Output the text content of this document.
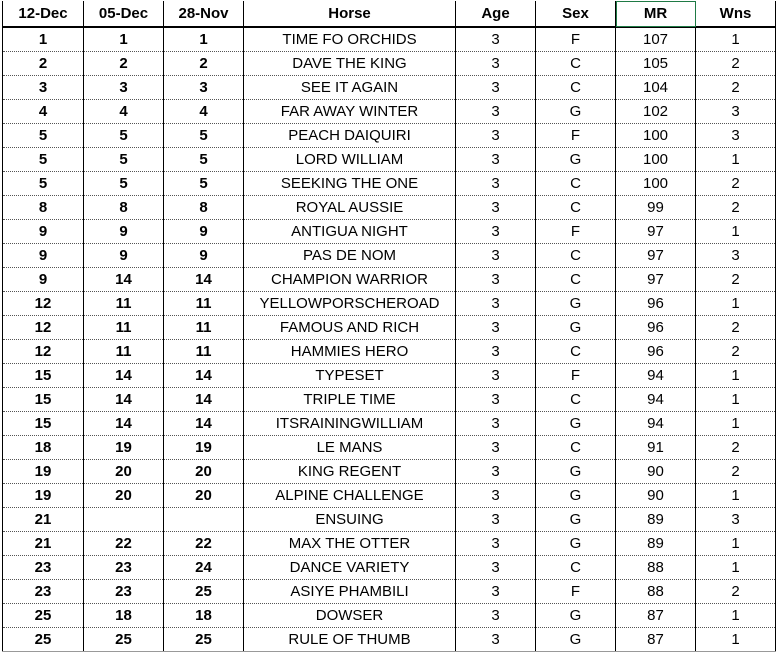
12-Dec	05-Dec	28-Nov	Horse	Age	Sex	MR	Wns
1	1	1	TIME FO ORCHIDS	3	F	107	1
2	2	2	DAVE THE KING	3	C	105	2
3	3	3	SEE IT AGAIN	3	C	104	2
4	4	4	FAR AWAY WINTER	3	G	102	3
5	5	5	PEACH DAIQUIRI	3	F	100	3
5	5	5	LORD WILLIAM	3	G	100	1
5	5	5	SEEKING THE ONE	3	C	100	2
8	8	8	ROYAL AUSSIE	3	C	99	2
9	9	9	ANTIGUA NIGHT	3	F	97	1
9	9	9	PAS DE NOM	3	C	97	3
9	14	14	CHAMPION WARRIOR	3	C	97	2
12	11	11	YELLOWPORSCHEROAD	3	G	96	1
12	11	11	FAMOUS AND RICH	3	G	96	2
12	11	11	HAMMIES HERO	3	C	96	2
15	14	14	TYPESET	3	F	94	1
15	14	14	TRIPLE TIME	3	C	94	1
15	14	14	ITSRAININGWILLIAM	3	G	94	1
18	19	19	LE MANS	3	C	91	2
19	20	20	KING REGENT	3	G	90	2
19	20	20	ALPINE CHALLENGE	3	G	90	1
21			ENSUING	3	G	89	3
21	22	22	MAX THE OTTER	3	G	89	1
23	23	24	DANCE VARIETY	3	C	88	1
23	23	25	ASIYE PHAMBILI	3	F	88	2
25	18	18	DOWSER	3	G	87	1
25	25	25	RULE OF THUMB	3	G	87	1
